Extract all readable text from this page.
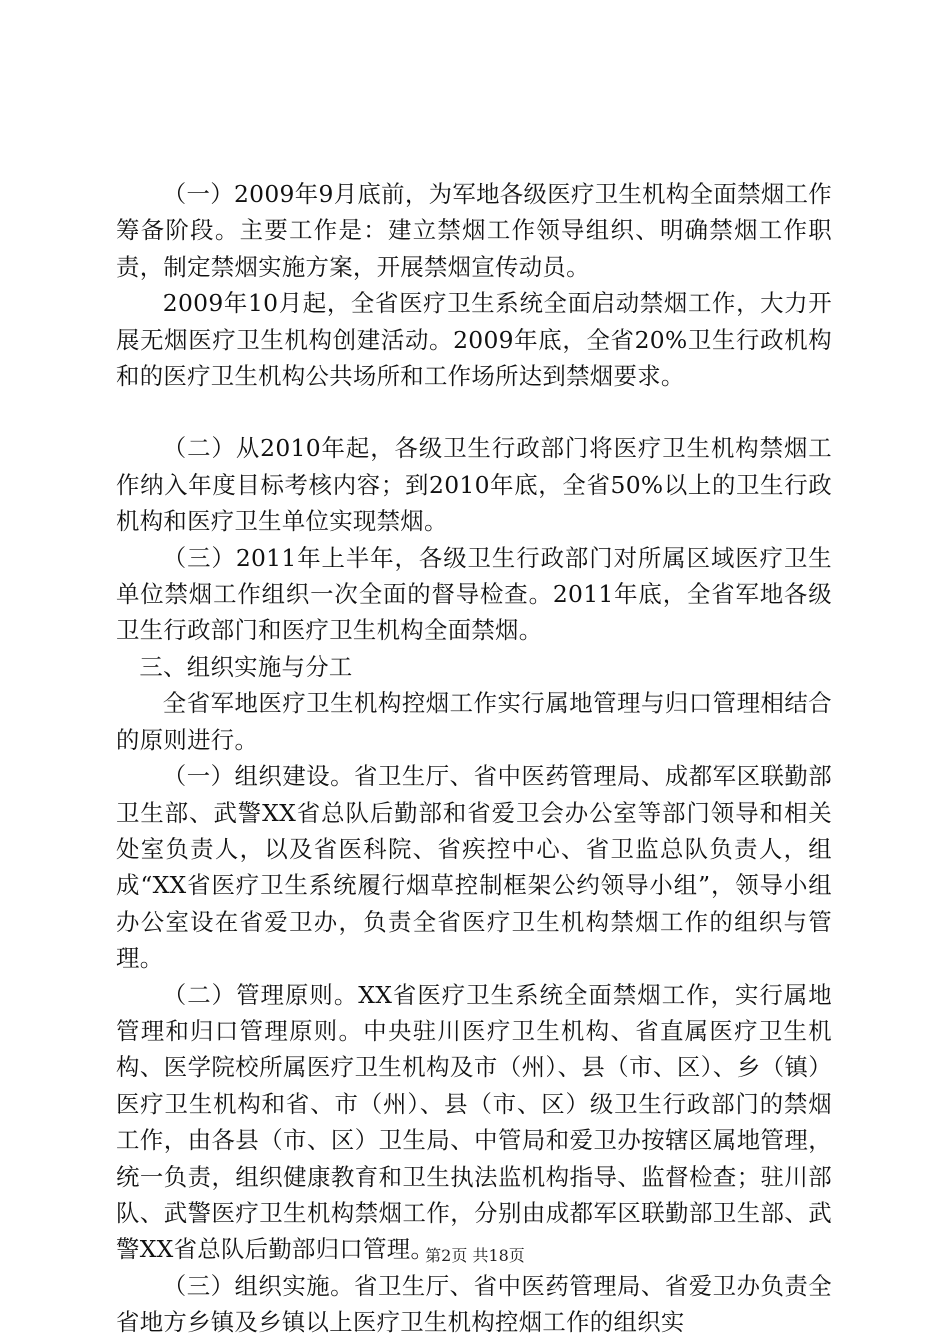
（一）2009年9月底前，为军地各级医疗卫生机构全面禁烟工作筹备阶段。主要工作是：建立禁烟工作领导组织、明确禁烟工作职责，制定禁烟实施方案，开展禁烟宣传动员。

2009年10月起，全省医疗卫生系统全面启动禁烟工作，大力开展无烟医疗卫生机构创建活动。2009年底，全省20%卫生行政机构和的医疗卫生机构公共场所和工作场所达到禁烟要求。

（二）从2010年起，各级卫生行政部门将医疗卫生机构禁烟工作纳入年度目标考核内容；到2010年底，全省50%以上的卫生行政机构和医疗卫生单位实现禁烟。

（三）2011年上半年，各级卫生行政部门对所属区域医疗卫生单位禁烟工作组织一次全面的督导检查。2011年底，全省军地各级卫生行政部门和医疗卫生机构全面禁烟。

三、组织实施与分工

全省军地医疗卫生机构控烟工作实行属地管理与归口管理相结合的原则进行。

（一）组织建设。省卫生厅、省中医药管理局、成都军区联勤部卫生部、武警XX省总队后勤部和省爱卫会办公室等部门领导和相关处室负责人，以及省医科院、省疾控中心、省卫监总队负责人，组成“XX省医疗卫生系统履行烟草控制框架公约领导小组”，领导小组办公室设在省爱卫办，负责全省医疗卫生机构禁烟工作的组织与管理。

（二）管理原则。XX省医疗卫生系统全面禁烟工作，实行属地管理和归口管理原则。中央驻川医疗卫生机构、省直属医疗卫生机构、医学院校所属医疗卫生机构及市（州）、县（市、区）、乡（镇）医疗卫生机构和省、市（州）、县（市、区）级卫生行政部门的禁烟工作，由各县（市、区）卫生局、中管局和爱卫办按辖区属地管理，统一负责，组织健康教育和卫生执法监机构指导、监督检查；驻川部队、武警医疗卫生机构禁烟工作，分别由成都军区联勤部卫生部、武警XX省总队后勤部归口管理。

（三）组织实施。省卫生厅、省中医药管理局、省爱卫办负责全省地方乡镇及乡镇以上医疗卫生机构控烟工作的组织实

第2页 共18页
